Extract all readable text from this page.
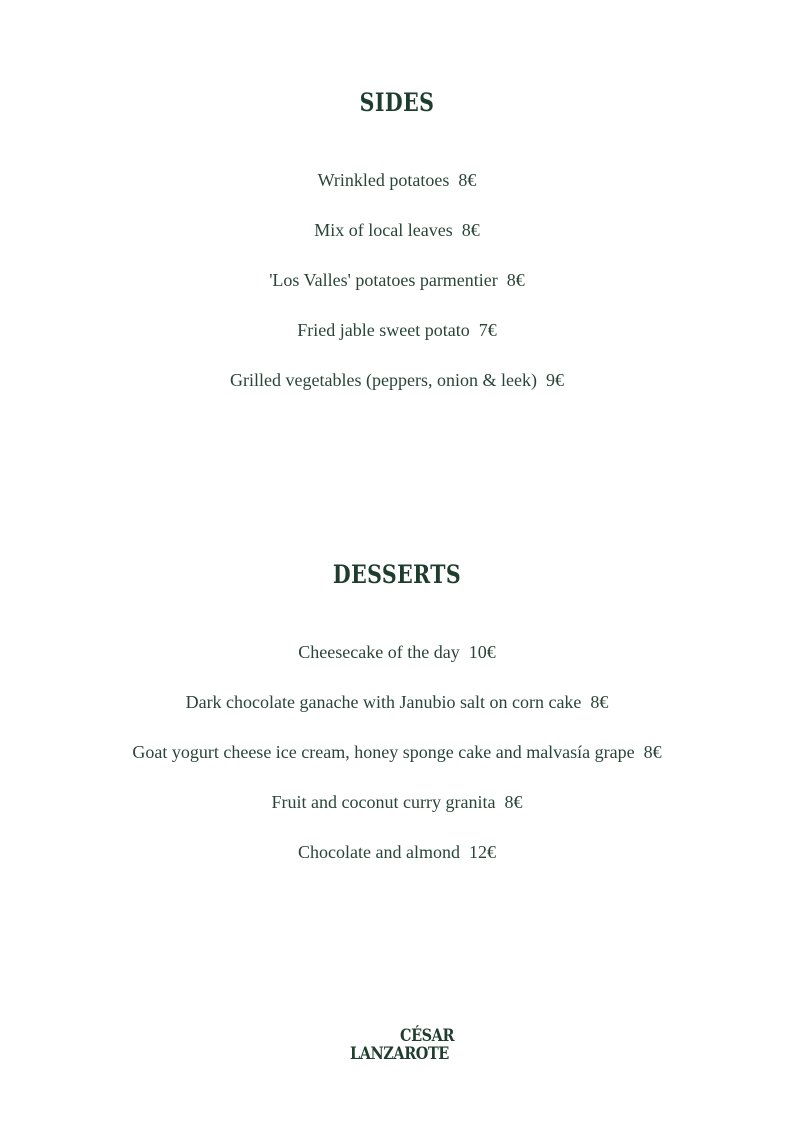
SIDES
Wrinkled potatoes  8€
Mix of local leaves  8€
'Los Valles' potatoes parmentier  8€
Fried jable sweet potato  7€
Grilled vegetables (peppers, onion & leek)  9€
DESSERTS
Cheesecake of the day  10€
Dark chocolate ganache with Janubio salt on corn cake  8€
Goat yogurt cheese ice cream, honey sponge cake and malvasía grape  8€
Fruit and coconut curry granita  8€
Chocolate and almond  12€
CÉSAR
LANZAROTE
